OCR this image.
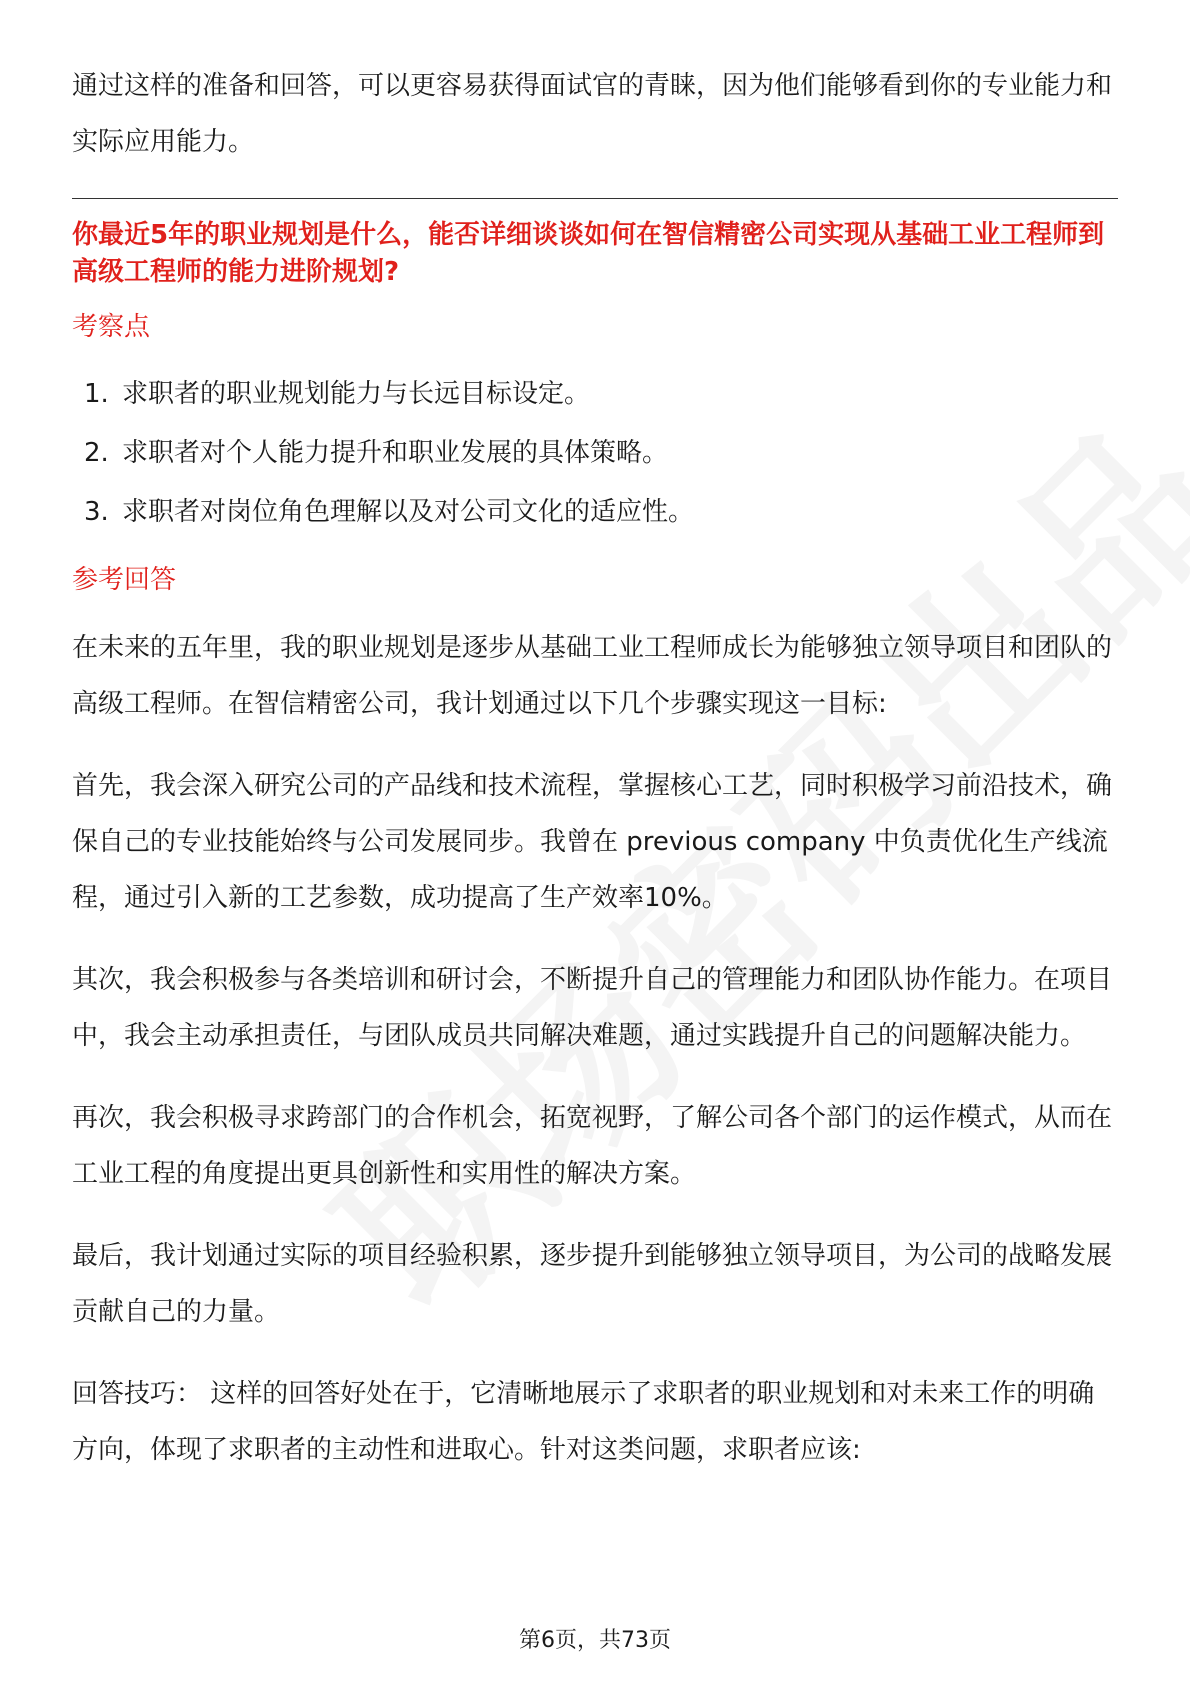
通过这样的准备和回答，可以更容易获得面试官的青睐，因为他们能够看到你的专业能力和实际应用能力。

你最近5年的职业规划是什么，能否详细谈谈如何在智信精密公司实现从基础工业工程师到高级工程师的能力进阶规划?

考察点
1. 求职者的职业规划能力与长远目标设定。
2. 求职者对个人能力提升和职业发展的具体策略。
3. 求职者对岗位角色理解以及对公司文化的适应性。
参考回答

在未来的五年里，我的职业规划是逐步从基础工业工程师成长为能够独立领导项目和团队的高级工程师。在智信精密公司，我计划通过以下几个步骤实现这一目标:

首先，我会深入研究公司的产品线和技术流程，掌握核心工艺，同时积极学习前沿技术，确保自己的专业技能始终与公司发展同步。我曾在 previous company 中负责优化生产线流程，通过引入新的工艺参数，成功提高了生产效率10%。

其次，我会积极参与各类培训和研讨会，不断提升自己的管理能力和团队协作能力。在项目中，我会主动承担责任，与团队成员共同解决难题，通过实践提升自己的问题解决能力。

再次，我会积极寻求跨部门的合作机会，拓宽视野，了解公司各个部门的运作模式，从而在工业工程的角度提出更具创新性和实用性的解决方案。

最后，我计划通过实际的项目经验积累，逐步提升到能够独立领导项目，为公司的战略发展贡献自己的力量。

回答技巧： 这样的回答好处在于，它清晰地展示了求职者的职业规划和对未来工作的明确方向，体现了求职者的主动性和进取心。针对这类问题，求职者应该:

第6页，共73页
